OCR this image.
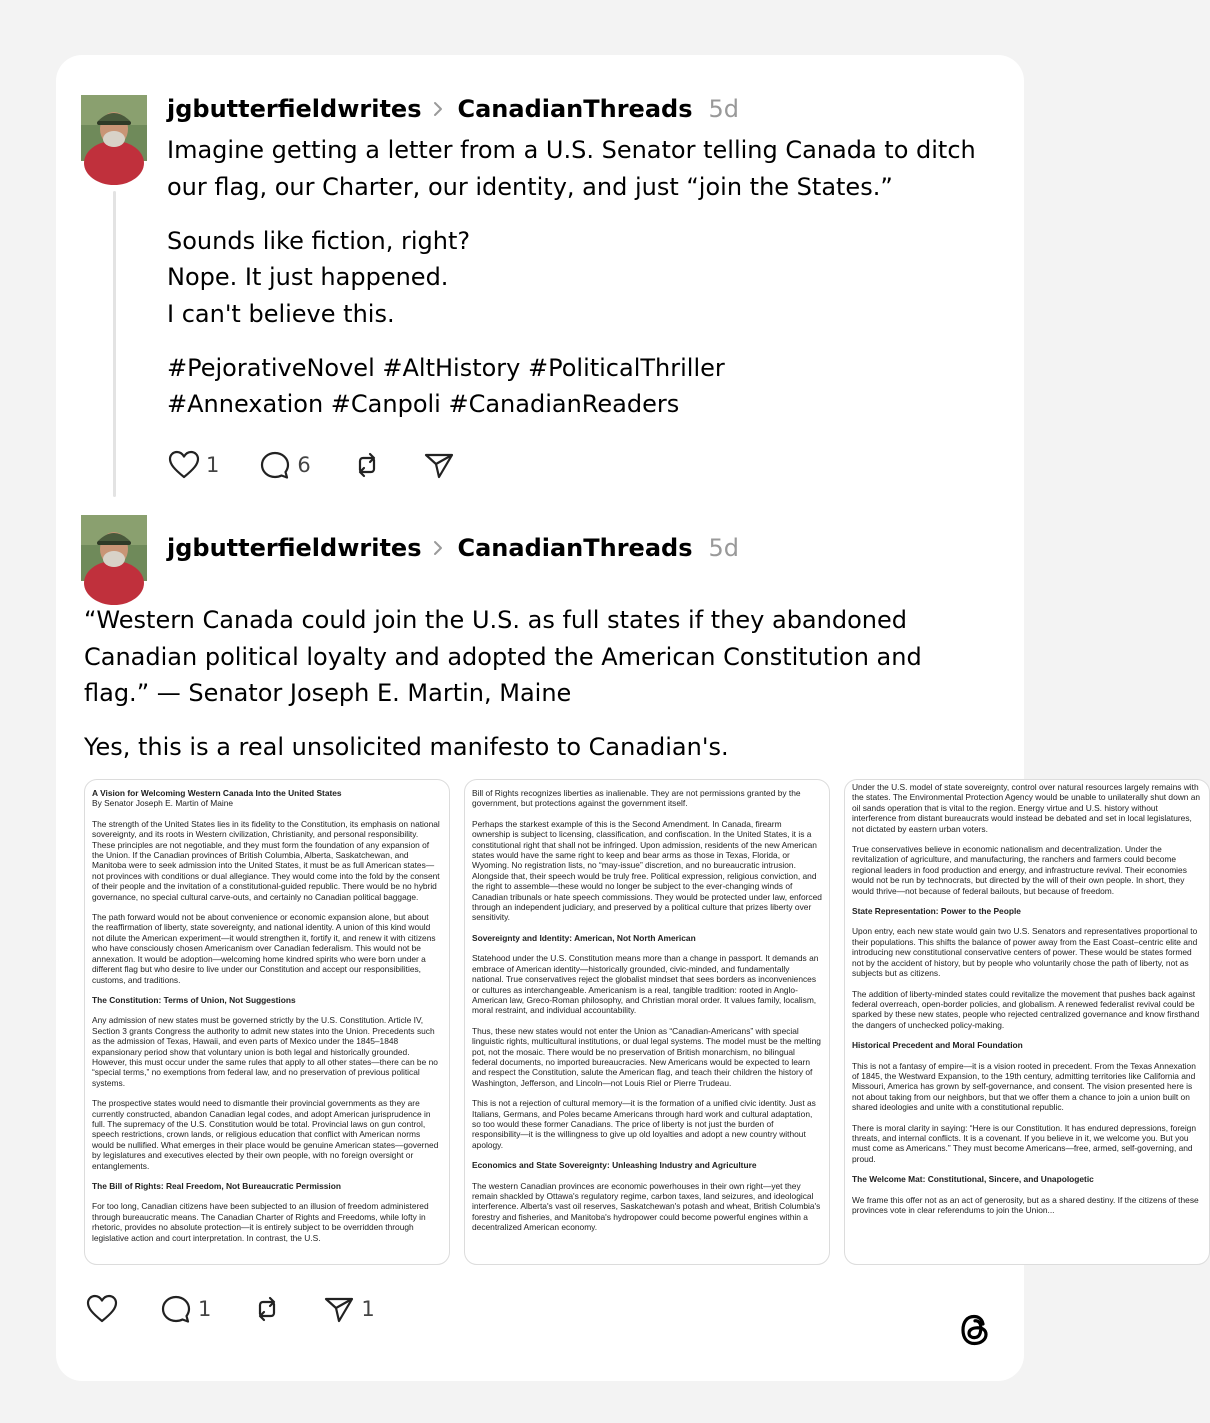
jgbutterfieldwrites CanadianThreads 5d

Imagine getting a letter from a U.S. Senator telling Canada to ditch our flag, our Charter, our identity, and just “join the States.”

Sounds like fiction, right?

Nope. It just happened.

I can't believe this.

#PejorativeNovel #AltHistory #PoliticalThriller #Annexation #Canpoli #CanadianReaders

1	6
jgbutterfieldwrites CanadianThreads 5d

“Western Canada could join the U.S. as full states if they abandoned Canadian political loyalty and adopted the American Constitution and flag.” — Senator Joseph E. Martin, Maine

Yes, this is a real unsolicited manifesto to Canadian's.

A Vision for Welcoming Western Canada Into the United States

By Senator Joseph E. Martin of Maine

The strength of the United States lies in its fidelity to the Constitution, its emphasis on national sovereignty, and its roots in Western civilization, Christianity, and personal responsibility. These principles are not negotiable, and they must form the foundation of any expansion of the Union. If the Canadian provinces of British Columbia, Alberta, Saskatchewan, and Manitoba were to seek admission into the United States, it must be as full American states—not provinces with conditions or dual allegiance. They would come into the fold by the consent of their people and the invitation of a constitutional-guided republic. There would be no hybrid governance, no special cultural carve-outs, and certainly no Canadian political baggage.

The path forward would not be about convenience or economic expansion alone, but about the reaffirmation of liberty, state sovereignty, and national identity. A union of this kind would not dilute the American experiment—it would strengthen it, fortify it, and renew it with citizens who have consciously chosen Americanism over Canadian federalism. This would not be annexation. It would be adoption—welcoming home kindred spirits who were born under a different flag but who desire to live under our Constitution and accept our responsibilities, customs, and traditions.

The Constitution: Terms of Union, Not Suggestions

Any admission of new states must be governed strictly by the U.S. Constitution. Article IV, Section 3 grants Congress the authority to admit new states into the Union. Precedents such as the admission of Texas, Hawaii, and even parts of Mexico under the 1845–1848 expansionary period show that voluntary union is both legal and historically grounded. However, this must occur under the same rules that apply to all other states—there can be no “special terms,” no exemptions from federal law, and no preservation of previous political systems.

The prospective states would need to dismantle their provincial governments as they are currently constructed, abandon Canadian legal codes, and adopt American jurisprudence in full. The supremacy of the U.S. Constitution would be total. Provincial laws on gun control, speech restrictions, crown lands, or religious education that conflict with American norms would be nullified. What emerges in their place would be genuine American states—governed by legislatures and executives elected by their own people, with no foreign oversight or entanglements.

The Bill of Rights: Real Freedom, Not Bureaucratic Permission

For too long, Canadian citizens have been subjected to an illusion of freedom administered through bureaucratic means. The Canadian Charter of Rights and Freedoms, while lofty in rhetoric, provides no absolute protection—it is entirely subject to be overridden through legislative action and court interpretation. In contrast, the U.S.

Bill of Rights recognizes liberties as inalienable. They are not permissions granted by the government, but protections against the government itself.

Perhaps the starkest example of this is the Second Amendment. In Canada, firearm ownership is subject to licensing, classification, and confiscation. In the United States, it is a constitutional right that shall not be infringed. Upon admission, residents of the new American states would have the same right to keep and bear arms as those in Texas, Florida, or Wyoming. No registration lists, no “may-issue” discretion, and no bureaucratic intrusion. Alongside that, their speech would be truly free. Political expression, religious conviction, and the right to assemble—these would no longer be subject to the ever-changing winds of Canadian tribunals or hate speech commissions. They would be protected under law, enforced through an independent judiciary, and preserved by a political culture that prizes liberty over sensitivity.

Sovereignty and Identity: American, Not North American

Statehood under the U.S. Constitution means more than a change in passport. It demands an embrace of American identity—historically grounded, civic-minded, and fundamentally national. True conservatives reject the globalist mindset that sees borders as inconveniences or cultures as interchangeable. Americanism is a real, tangible tradition: rooted in Anglo-American law, Greco-Roman philosophy, and Christian moral order. It values family, localism, moral restraint, and individual accountability.

Thus, these new states would not enter the Union as “Canadian-Americans” with special linguistic rights, multicultural institutions, or dual legal systems. The model must be the melting pot, not the mosaic. There would be no preservation of British monarchism, no bilingual federal documents, no imported bureaucracies. New Americans would be expected to learn and respect the Constitution, salute the American flag, and teach their children the history of Washington, Jefferson, and Lincoln—not Louis Riel or Pierre Trudeau.

This is not a rejection of cultural memory—it is the formation of a unified civic identity. Just as Italians, Germans, and Poles became Americans through hard work and cultural adaptation, so too would these former Canadians. The price of liberty is not just the burden of responsibility—it is the willingness to give up old loyalties and adopt a new country without apology.

Economics and State Sovereignty: Unleashing Industry and Agriculture

The western Canadian provinces are economic powerhouses in their own right—yet they remain shackled by Ottawa's regulatory regime, carbon taxes, land seizures, and ideological interference. Alberta's vast oil reserves, Saskatchewan's potash and wheat, British Columbia's forestry and fisheries, and Manitoba's hydropower could become powerful engines within a decentralized American economy.

Under the U.S. model of state sovereignty, control over natural resources largely remains with the states. The Environmental Protection Agency would be unable to unilaterally shut down an oil sands operation that is vital to the region. Energy virtue and U.S. history without interference from distant bureaucrats would instead be debated and set in local legislatures, not dictated by eastern urban voters.

True conservatives believe in economic nationalism and decentralization. Under the revitalization of agriculture, and manufacturing, the ranchers and farmers could become regional leaders in food production and energy, and infrastructure revival. Their economies would not be run by technocrats, but directed by the will of their own people. In short, they would thrive—not because of federal bailouts, but because of freedom.

State Representation: Power to the People

Upon entry, each new state would gain two U.S. Senators and representatives proportional to their populations. This shifts the balance of power away from the East Coast–centric elite and introducing new constitutional conservative centers of power. These would be states formed not by the accident of history, but by people who voluntarily chose the path of liberty, not as subjects but as citizens.

The addition of liberty-minded states could revitalize the movement that pushes back against federal overreach, open-border policies, and globalism. A renewed federalist revival could be sparked by these new states, people who rejected centralized governance and know firsthand the dangers of unchecked policy-making.

Historical Precedent and Moral Foundation

This is not a fantasy of empire—it is a vision rooted in precedent. From the Texas Annexation of 1845, the Westward Expansion, to the 19th century, admitting territories like California and Missouri, America has grown by self-governance, and consent. The vision presented here is not about taking from our neighbors, but that we offer them a chance to join a union built on shared ideologies and unite with a constitutional republic.

There is moral clarity in saying: “Here is our Constitution. It has endured depressions, foreign threats, and internal conflicts. It is a covenant. If you believe in it, we welcome you. But you must come as Americans.” They must become Americans—free, armed, self-governing, and proud.

The Welcome Mat: Constitutional, Sincere, and Unapologetic

We frame this offer not as an act of generosity, but as a shared destiny. If the citizens of these provinces vote in clear referendums to join the Union...

1	1
